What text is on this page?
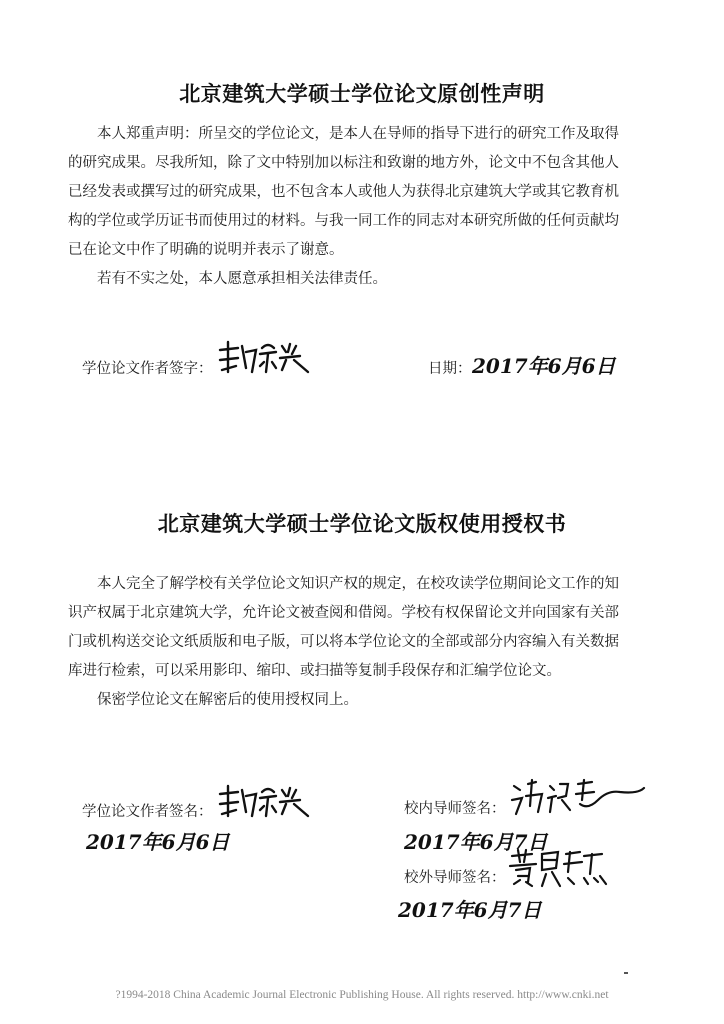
北京建筑大学硕士学位论文原创性声明
本人郑重声明：所呈交的学位论文，是本人在导师的指导下进行的研究工作及取得
的研究成果。尽我所知，除了文中特别加以标注和致谢的地方外，论文中不包含其他人
已经发表或撰写过的研究成果，也不包含本人或他人为获得北京建筑大学或其它教育机
构的学位或学历证书而使用过的材料。与我一同工作的同志对本研究所做的任何贡献均
已在论文中作了明确的说明并表示了谢意。
若有不实之处，本人愿意承担相关法律责任。
学位论文作者签字：	日期： 2017年6月6日
北京建筑大学硕士学位论文版权使用授权书
本人完全了解学校有关学位论文知识产权的规定，在校攻读学位期间论文工作的知
识产权属于北京建筑大学，允许论文被查阅和借阅。学校有权保留论文并向国家有关部
门或机构送交论文纸质版和电子版，可以将本学位论文的全部或部分内容编入有关数据
库进行检索，可以采用影印、缩印、或扫描等复制手段保存和汇编学位论文。
保密学位论文在解密后的使用授权同上。
学位论文作者签名：
2017年6月6日
校内导师签名：
2017年6月7日
校外导师签名：
2017年6月7日
?1994-2018 China Academic Journal Electronic Publishing House. All rights reserved. http://www.cnki.net
